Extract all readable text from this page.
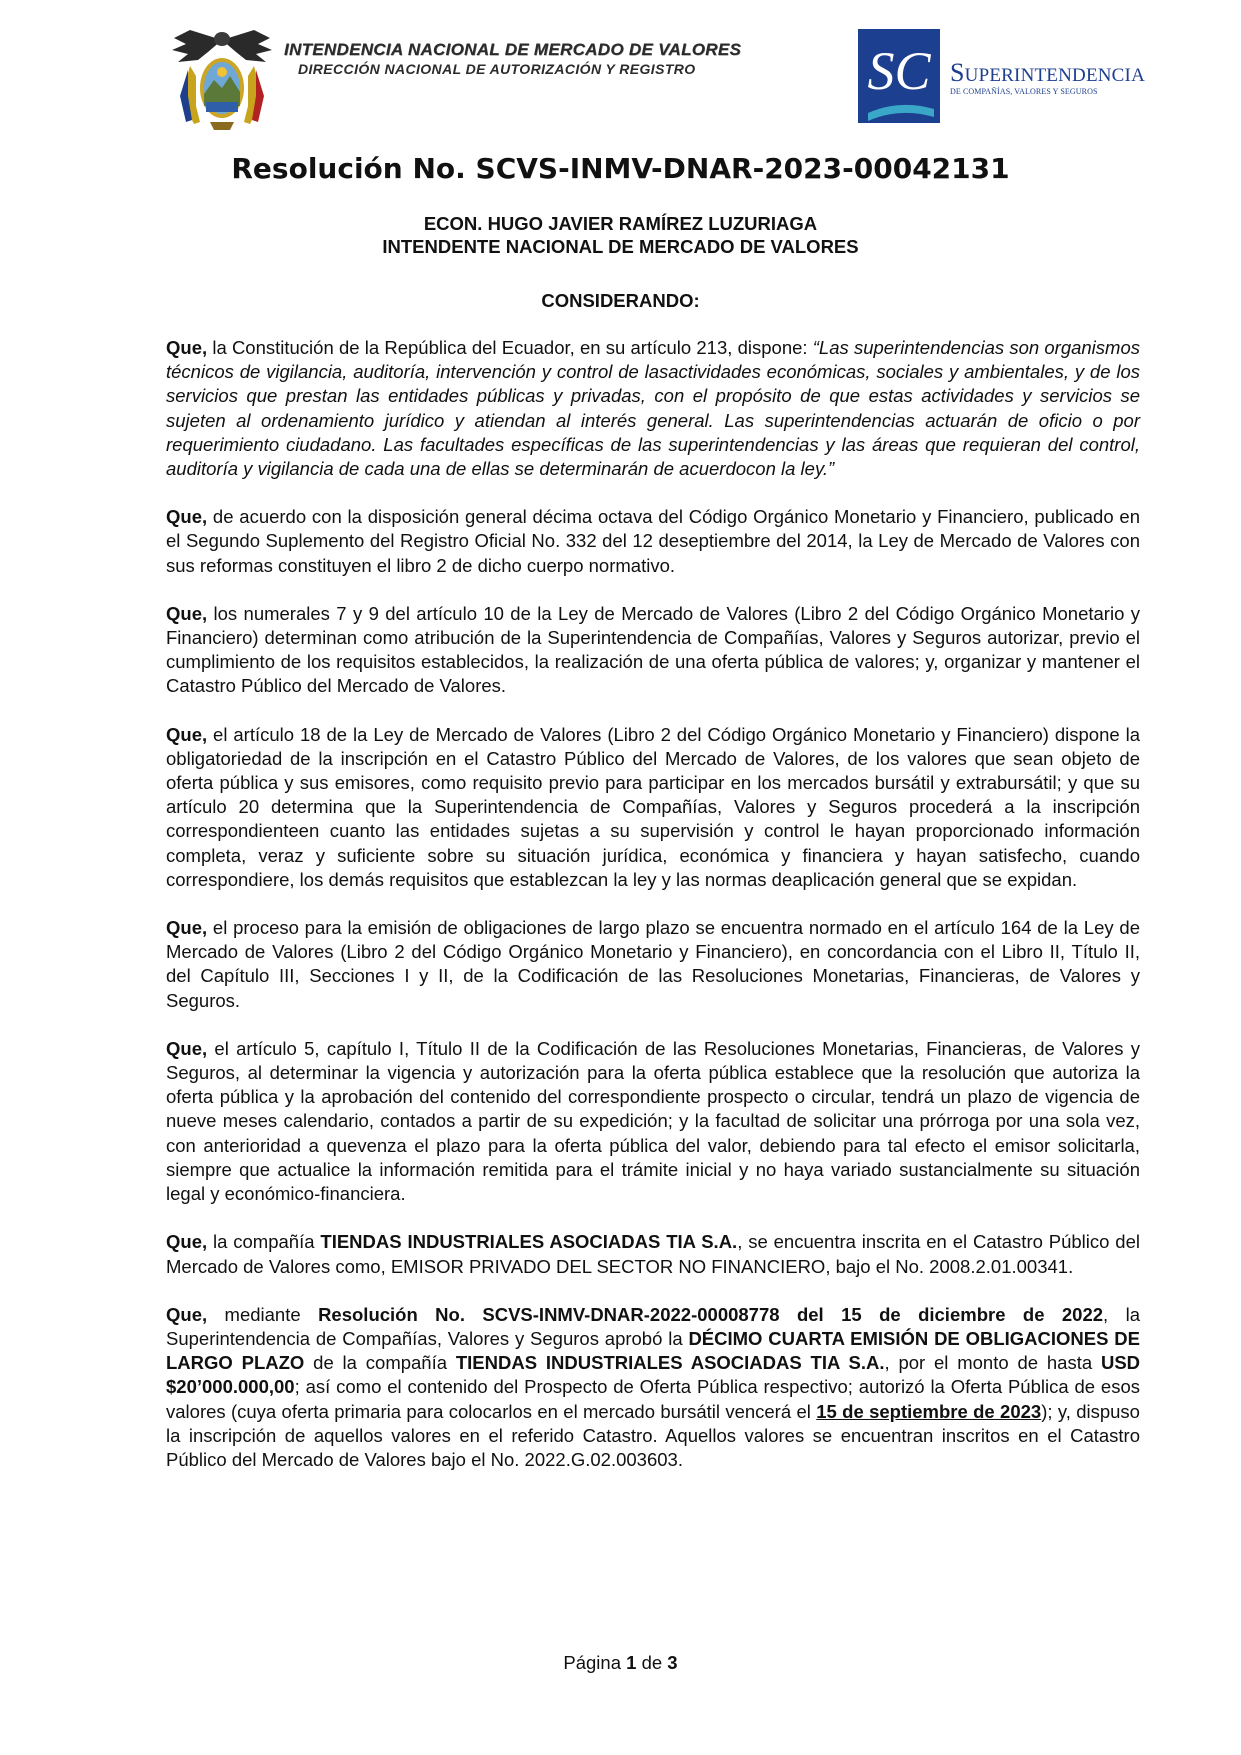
INTENDENCIA NACIONAL DE MERCADO DE VALORES
DIRECCIÓN NACIONAL DE AUTORIZACIÓN Y REGISTRO	SC SUPERINTENDENCIA
DE COMPAÑÍAS, VALORES Y SEGUROS
Resolución No. SCVS-INMV-DNAR-2023-00042131
ECON. HUGO JAVIER RAMÍREZ LUZURIAGA
INTENDENTE NACIONAL DE MERCADO DE VALORES
CONSIDERANDO:

Que, la Constitución de la República del Ecuador, en su artículo 213, dispone: “Las superintendencias son organismos técnicos de vigilancia, auditoría, intervención y control de lasactividades económicas, sociales y ambientales, y de los servicios que prestan las entidades públicas y privadas, con el propósito de que estas actividades y servicios se sujeten al ordenamiento jurídico y atiendan al interés general. Las superintendencias actuarán de oficio o por requerimiento ciudadano. Las facultades específicas de las superintendencias y las áreas que requieran del control, auditoría y vigilancia de cada una de ellas se determinarán de acuerdocon la ley.”

Que, de acuerdo con la disposición general décima octava del Código Orgánico Monetario y Financiero, publicado en el Segundo Suplemento del Registro Oficial No. 332 del 12 deseptiembre del 2014, la Ley de Mercado de Valores con sus reformas constituyen el libro 2 de dicho cuerpo normativo.

Que, los numerales 7 y 9 del artículo 10 de la Ley de Mercado de Valores (Libro 2 del Código Orgánico Monetario y Financiero) determinan como atribución de la Superintendencia de Compañías, Valores y Seguros autorizar, previo el cumplimiento de los requisitos establecidos, la realización de una oferta pública de valores; y, organizar y mantener el Catastro Público del Mercado de Valores.

Que, el artículo 18 de la Ley de Mercado de Valores (Libro 2 del Código Orgánico Monetario y Financiero) dispone la obligatoriedad de la inscripción en el Catastro Público del Mercado de Valores, de los valores que sean objeto de oferta pública y sus emisores, como requisito previo para participar en los mercados bursátil y extrabursátil; y que su artículo 20 determina que la Superintendencia de Compañías, Valores y Seguros procederá a la inscripción correspondienteen cuanto las entidades sujetas a su supervisión y control le hayan proporcionado información completa, veraz y suficiente sobre su situación jurídica, económica y financiera y hayan satisfecho, cuando correspondiere, los demás requisitos que establezcan la ley y las normas deaplicación general que se expidan.

Que, el proceso para la emisión de obligaciones de largo plazo se encuentra normado en el artículo 164 de la Ley de Mercado de Valores (Libro 2 del Código Orgánico Monetario y Financiero), en concordancia con el Libro II, Título II, del Capítulo III, Secciones I y II, de la Codificación de las Resoluciones Monetarias, Financieras, de Valores y Seguros.

Que, el artículo 5, capítulo I, Título II de la Codificación de las Resoluciones Monetarias, Financieras, de Valores y Seguros, al determinar la vigencia y autorización para la oferta pública establece que la resolución que autoriza la oferta pública y la aprobación del contenido del correspondiente prospecto o circular, tendrá un plazo de vigencia de nueve meses calendario, contados a partir de su expedición; y la facultad de solicitar una prórroga por una sola vez, con anterioridad a quevenza el plazo para la oferta pública del valor, debiendo para tal efecto el emisor solicitarla, siempre que actualice la información remitida para el trámite inicial y no haya variado sustancialmente su situación legal y económico-financiera.

Que, la compañía TIENDAS INDUSTRIALES ASOCIADAS TIA S.A., se encuentra inscrita en el Catastro Público del Mercado de Valores como, EMISOR PRIVADO DEL SECTOR NO FINANCIERO, bajo el No. 2008.2.01.00341.

Que, mediante Resolución No. SCVS-INMV-DNAR-2022-00008778 del 15 de diciembre de 2022, la Superintendencia de Compañías, Valores y Seguros aprobó la DÉCIMO CUARTA EMISIÓN DE OBLIGACIONES DE LARGO PLAZO de la compañía TIENDAS INDUSTRIALES ASOCIADAS TIA S.A., por el monto de hasta USD $20’000.000,00; así como el contenido del Prospecto de Oferta Pública respectivo; autorizó la Oferta Pública de esos valores (cuya oferta primaria para colocarlos en el mercado bursátil vencerá el 15 de septiembre de 2023); y, dispuso la inscripción de aquellos valores en el referido Catastro. Aquellos valores se encuentran inscritos en el Catastro Público del Mercado de Valores bajo el No. 2022.G.02.003603.

Página 1 de 3
